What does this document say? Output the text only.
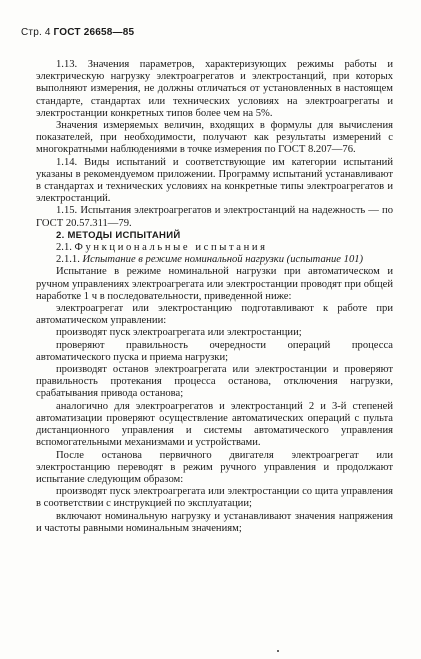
Стр. 4 ГОСТ 26658—85

1.13. Значения параметров, характеризующих режимы работы и электрическую нагрузку электроагрегатов и электростанций, при которых выполняют измерения, не должны отличаться от установленных в настоящем стандарте, стандартах или технических условиях на электроагрегаты и электростанции конкретных типов более чем на 5%.

Значения измеряемых величин, входящих в формулы для вычисления показателей, при необходимости, получают как результаты измерений с многократными наблюдениями в точке измерения по ГОСТ 8.207—76.

1.14. Виды испытаний и соответствующие им категории испытаний указаны в рекомендуемом приложении. Программу испытаний устанавливают в стандартах и технических условиях на конкретные типы электроагрегатов и электростанций.

1.15. Испытания электроагрегатов и электростанций на надежность — по ГОСТ 20.57.311—79.

2. МЕТОДЫ ИСПЫТАНИЙ

2.1. Функциональные испытания

2.1.1. Испытание в режиме номинальной нагрузки (испытание 101)

Испытание в режиме номинальной нагрузки при автоматическом и ручном управлениях электроагрегата или электростанции проводят при общей наработке 1 ч в последовательности, приведенной ниже:

электроагрегат или электростанцию подготавливают к работе при автоматическом управлении:

производят пуск электроагрегата или электростанции;

проверяют правильность очередности операций процесса автоматического пуска и приема нагрузки;

производят останов электроагрегата или электростанции и проверяют правильность протекания процесса останова, отключения нагрузки, срабатывания привода останова;

аналогично для электроагрегатов и электростанций 2 и 3-й степеней автоматизации проверяют осуществление автоматических операций с пульта дистанционного управления и системы автоматического управления вспомогательными механизмами и устройствами.

После останова первичного двигателя электроагрегат или электростанцию переводят в режим ручного управления и продолжают испытание следующим образом:

производят пуск электроагрегата или электростанции со щита управления в соответствии с инструкцией по эксплуатации;

включают номинальную нагрузку и устанавливают значения напряжения и частоты равными номинальным значениям;
